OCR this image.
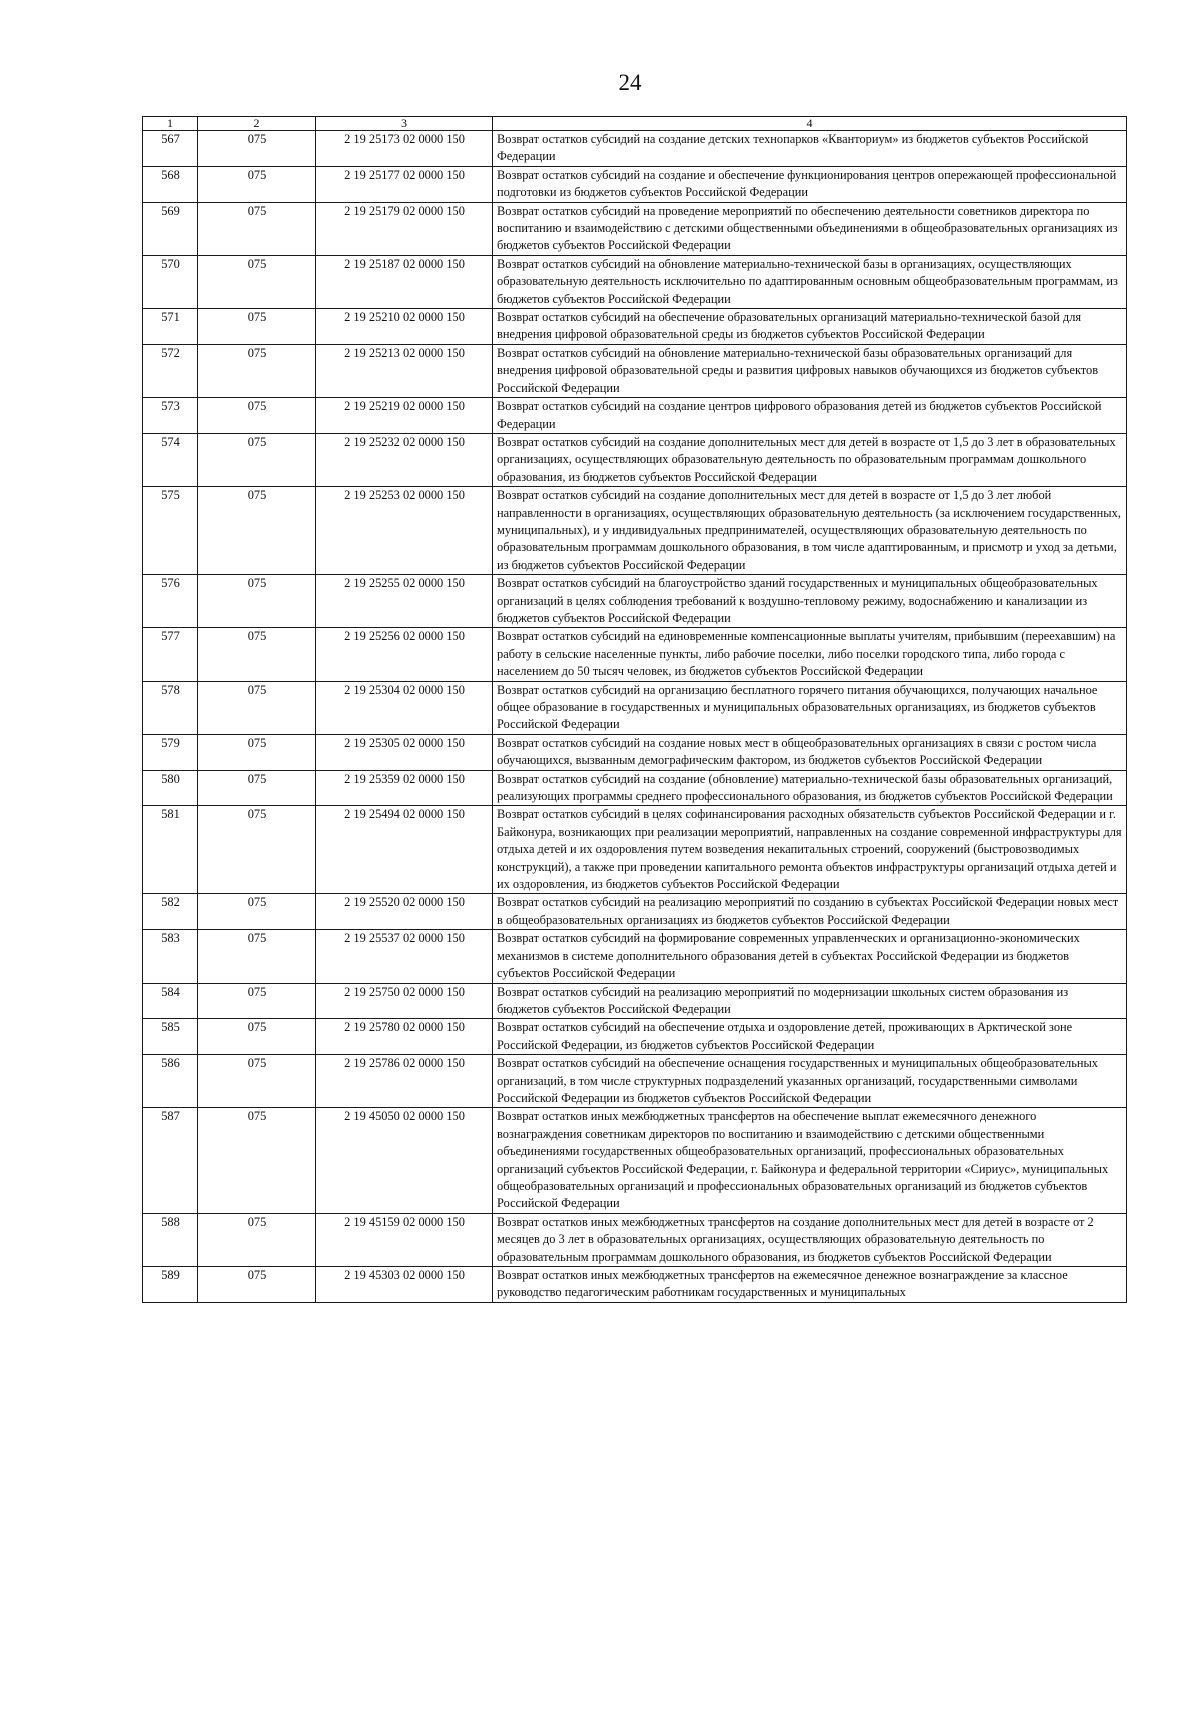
24
1	2	3	4
567	075	2 19 25173 02 0000 150	Возврат остатков субсидий на создание детских технопарков «Кванториум» из бюджетов субъектов Российской Федерации
568	075	2 19 25177 02 0000 150	Возврат остатков субсидий на создание и обеспечение функционирования центров опережающей профессиональной подготовки из бюджетов субъектов Российской Федерации
569	075	2 19 25179 02 0000 150	Возврат остатков субсидий на проведение мероприятий по обеспечению деятельности советников директора по воспитанию и взаимодействию с детскими общественными объединениями в общеобразовательных организациях из бюджетов субъектов Российской Федерации
570	075	2 19 25187 02 0000 150	Возврат остатков субсидий на обновление материально-технической базы в организациях, осуществляющих образовательную деятельность исключительно по адаптированным основным общеобразовательным программам, из бюджетов субъектов Российской Федерации
571	075	2 19 25210 02 0000 150	Возврат остатков субсидий на обеспечение образовательных организаций материально-технической базой для внедрения цифровой образовательной среды из бюджетов субъектов Российской Федерации
572	075	2 19 25213 02 0000 150	Возврат остатков субсидий на обновление материально-технической базы образовательных организаций для внедрения цифровой образовательной среды и развития цифровых навыков обучающихся из бюджетов субъектов Российской Федерации
573	075	2 19 25219 02 0000 150	Возврат остатков субсидий на создание центров цифрового образования детей из бюджетов субъектов Российской Федерации
574	075	2 19 25232 02 0000 150	Возврат остатков субсидий на создание дополнительных мест для детей в возрасте от 1,5 до 3 лет в образовательных организациях, осуществляющих образовательную деятельность по образовательным программам дошкольного образования, из бюджетов субъектов Российской Федерации
575	075	2 19 25253 02 0000 150	Возврат остатков субсидий на создание дополнительных мест для детей в возрасте от 1,5 до 3 лет любой направленности в организациях, осуществляющих образовательную деятельность (за исключением государственных, муниципальных), и у индивидуальных предпринимателей, осуществляющих образовательную деятельность по образовательным программам дошкольного образования, в том числе адаптированным, и присмотр и уход за детьми, из бюджетов субъектов Российской Федерации
576	075	2 19 25255 02 0000 150	Возврат остатков субсидий на благоустройство зданий государственных и муниципальных общеобразовательных организаций в целях соблюдения требований к воздушно-тепловому режиму, водоснабжению и канализации из бюджетов субъектов Российской Федерации
577	075	2 19 25256 02 0000 150	Возврат остатков субсидий на единовременные компенсационные выплаты учителям, прибывшим (переехавшим) на работу в сельские населенные пункты, либо рабочие поселки, либо поселки городского типа, либо города с населением до 50 тысяч человек, из бюджетов субъектов Российской Федерации
578	075	2 19 25304 02 0000 150	Возврат остатков субсидий на организацию бесплатного горячего питания обучающихся, получающих начальное общее образование в государственных и муниципальных образовательных организациях, из бюджетов субъектов Российской Федерации
579	075	2 19 25305 02 0000 150	Возврат остатков субсидий на создание новых мест в общеобразовательных организациях в связи с ростом числа обучающихся, вызванным демографическим фактором, из бюджетов субъектов Российской Федерации
580	075	2 19 25359 02 0000 150	Возврат остатков субсидий на создание (обновление) материально-технической базы образовательных организаций, реализующих программы среднего профессионального образования, из бюджетов субъектов Российской Федерации
581	075	2 19 25494 02 0000 150	Возврат остатков субсидий в целях софинансирования расходных обязательств субъектов Российской Федерации и г. Байконура, возникающих при реализации мероприятий, направленных на создание современной инфраструктуры для отдыха детей и их оздоровления путем возведения некапитальных строений, сооружений (быстровозводимых конструкций), а также при проведении капитального ремонта объектов инфраструктуры организаций отдыха детей и их оздоровления, из бюджетов субъектов Российской Федерации
582	075	2 19 25520 02 0000 150	Возврат остатков субсидий на реализацию мероприятий по созданию в субъектах Российской Федерации новых мест в общеобразовательных организациях из бюджетов субъектов Российской Федерации
583	075	2 19 25537 02 0000 150	Возврат остатков субсидий на формирование современных управленческих и организационно-экономических механизмов в системе дополнительного образования детей в субъектах Российской Федерации из бюджетов субъектов Российской Федерации
584	075	2 19 25750 02 0000 150	Возврат остатков субсидий на реализацию мероприятий по модернизации школьных систем образования из бюджетов субъектов Российской Федерации
585	075	2 19 25780 02 0000 150	Возврат остатков субсидий на обеспечение отдыха и оздоровление детей, проживающих в Арктической зоне Российской Федерации, из бюджетов субъектов Российской Федерации
586	075	2 19 25786 02 0000 150	Возврат остатков субсидий на обеспечение оснащения государственных и муниципальных общеобразовательных организаций, в том числе структурных подразделений указанных организаций, государственными символами Российской Федерации из бюджетов субъектов Российской Федерации
587	075	2 19 45050 02 0000 150	Возврат остатков иных межбюджетных трансфертов на обеспечение выплат ежемесячного денежного вознаграждения советникам директоров по воспитанию и взаимодействию с детскими общественными объединениями государственных общеобразовательных организаций, профессиональных образовательных организаций субъектов Российской Федерации, г. Байконура и федеральной территории «Сириус», муниципальных общеобразовательных организаций и профессиональных образовательных организаций из бюджетов субъектов Российской Федерации
588	075	2 19 45159 02 0000 150	Возврат остатков иных межбюджетных трансфертов на создание дополнительных мест для детей в возрасте от 2 месяцев до 3 лет в образовательных организациях, осуществляющих образовательную деятельность по образовательным программам дошкольного образования, из бюджетов субъектов Российской Федерации
589	075	2 19 45303 02 0000 150	Возврат остатков иных межбюджетных трансфертов на ежемесячное денежное вознаграждение за классное руководство педагогическим работникам государственных и муниципальных
